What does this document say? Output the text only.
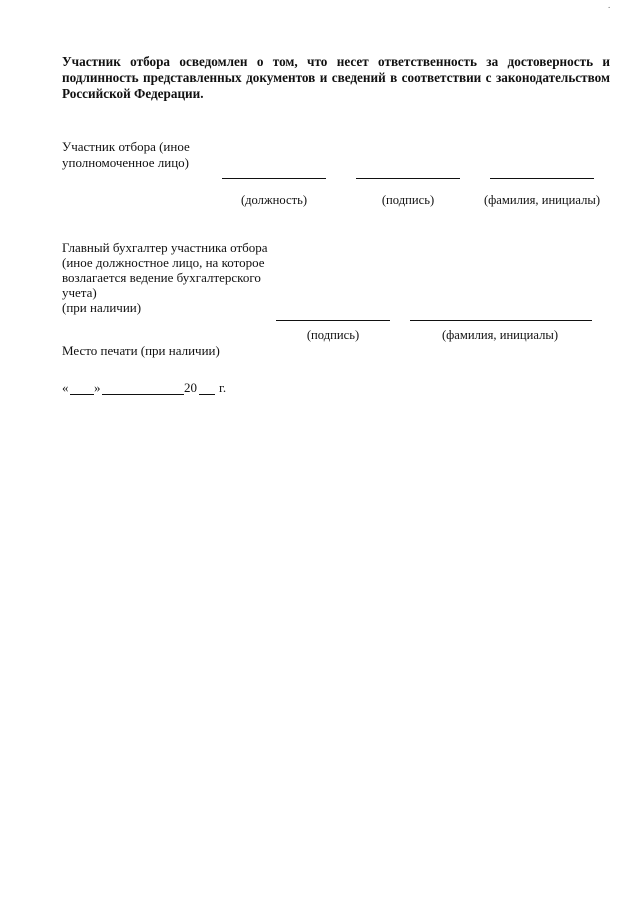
.
Участник отбора осведомлен о том, что несет ответственность за достоверность и подлинность представленных документов и сведений в соответствии с законодательством Российской Федерации.
Участник отбора (иное
уполномоченное лицо)
(должность)	(подпись)	(фамилия, инициалы)
Главный бухгалтер участника отбора
(иное должностное лицо, на которое
возлагается ведение бухгалтерского
учета)
(при наличии)
(подпись)	(фамилия, инициалы)
Место печати (при наличии)
« »	20 г.
